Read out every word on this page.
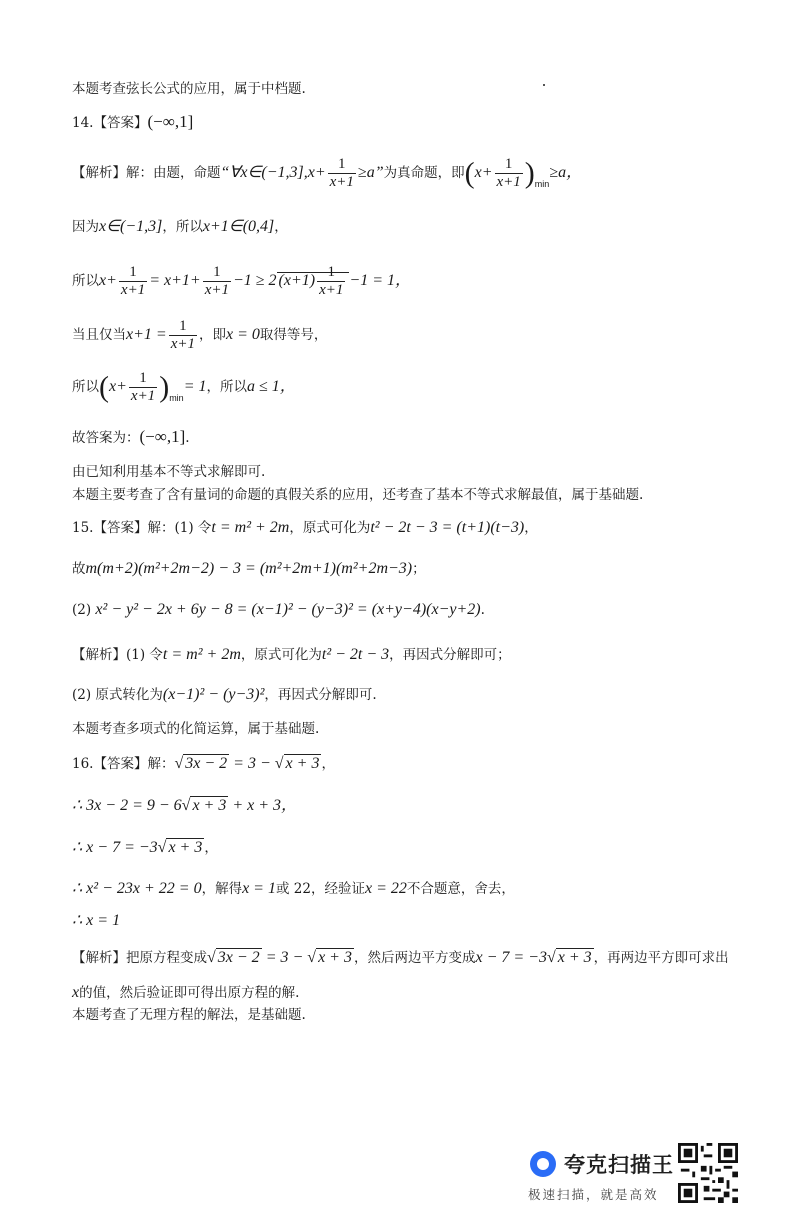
本题考查弦长公式的应用，属于中档题.
14.【答案】(−∞,1]
【解析】解：由题，命题“∀x∈(−1,3],x+ $\frac{1}{x+1} \ge a$”为真命题，即$(x+ \frac{1}{x+1} )_{min}\ge a$，
因为x∈(−1,3]，所以x+1∈(0,4]，
所以$x+ \frac{1}{x+1} = x+1+ \frac{1}{x+1} -1 \ge 2$ $(x+1) \frac{1}{x+1} -1 = 1$，
当且仅当$x+1 = \frac{1}{x+1}$ ，即x = 0取得等号，
所以$(x+ \frac{1}{x+1} )_{min}= 1$，所以a ≤ 1，
故答案为：(−∞,1].
由已知利用基本不等式求解即可.
本题主要考查了含有量词的命题的真假关系的应用，还考查了基本不等式求解最值，属于基础题.
15.【答案】解：(1) 令t = m² + 2m，原式可化为t² − 2t − 3 = (t+1)(t−3)，
故m(m+2)(m²+2m−2) − 3 = (m²+2m+1)(m²+2m−3)；
(2) x² − y² − 2x + 6y − 8 = (x−1)² − (y−3)² = (x+y−4)(x−y+2).
【解析】(1) 令t = m² + 2m，原式可化为t² − 2t − 3，再因式分解即可；
(2) 原式转化为(x−1)² − (y−3)²，再因式分解即可.
本题考查多项式的化简运算，属于基础题.
16.【答案】解：√ 3x − 2 = 3 − √ x + 3 ，
∴ 3x − 2 = 9 − 6√ x + 3 + x + 3，
∴ x − 7 = −3√ x + 3 ，
∴ x² − 23x + 22 = 0，解得x = 1或 22，经验证x = 22不合题意，舍去，
∴ x = 1
【解析】把原方程变成√ 3x − 2 = 3 − √ x + 3 ，然后两边平方变成x − 7 = −3√ x + 3 ，再两边平方即可求出
x的值，然后验证即可得出原方程的解.
本题考查了无理方程的解法，是基础题.
夸克扫描王
极速扫描，就是高效
